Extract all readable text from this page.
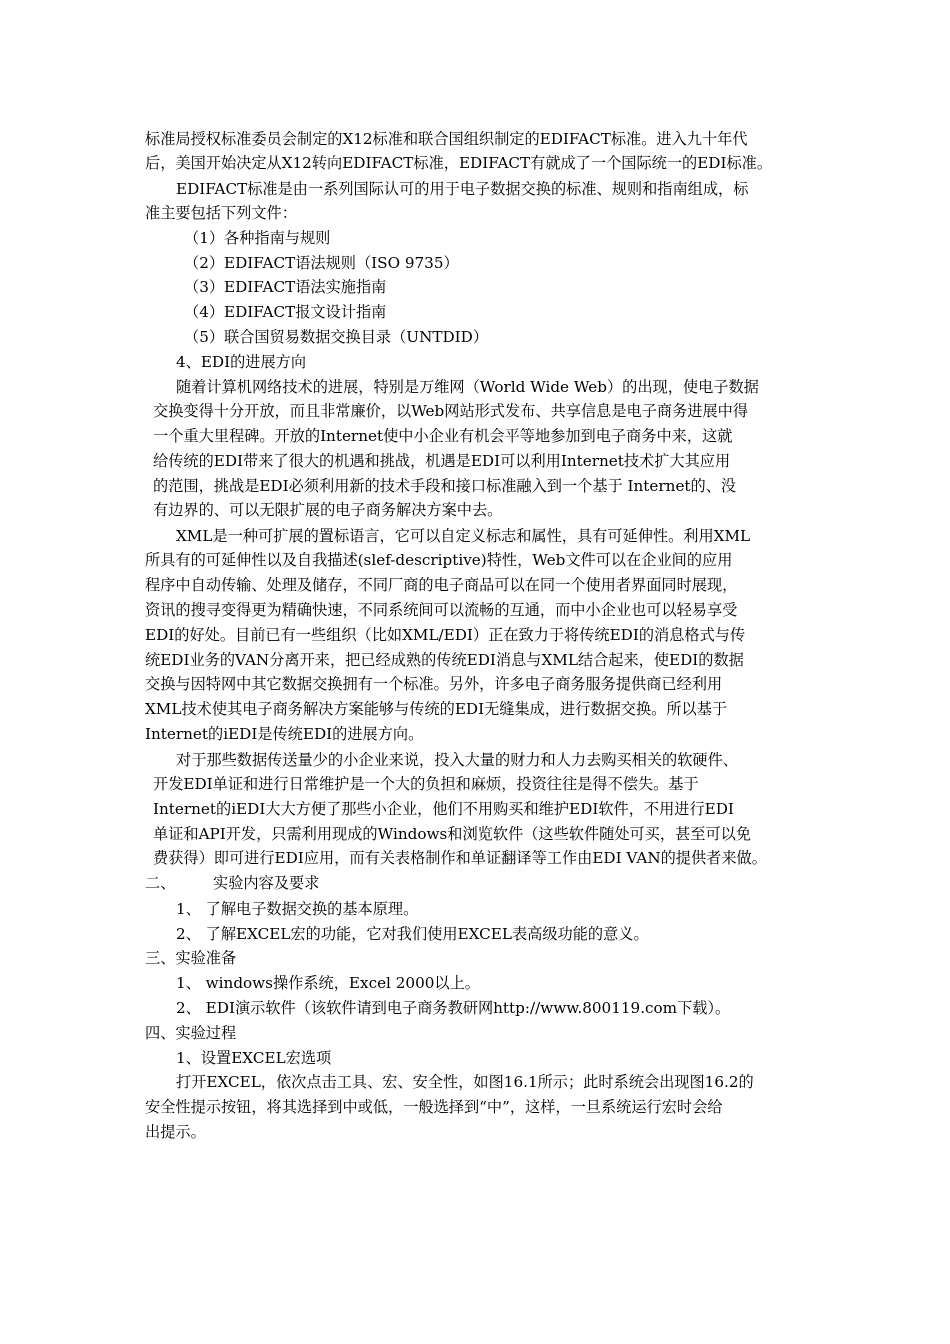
标准局授权标准委员会制定的X12标准和联合国组织制定的EDIFACT标准。进入九十年代
后，美国开始决定从X12转向EDIFACT标准，EDIFACT有就成了一个国际统一的EDI标准。
EDIFACT标准是由一系列国际认可的用于电子数据交换的标准、规则和指南组成，标
准主要包括下列文件：
（1）各种指南与规则
（2）EDIFACT语法规则（ISO 9735）
（3）EDIFACT语法实施指南
（4）EDIFACT报文设计指南
（5）联合国贸易数据交换目录（UNTDID）
4、EDI的进展方向
随着计算机网络技术的进展，特别是万维网（World Wide Web）的出现，使电子数据
交换变得十分开放，而且非常廉价，以Web网站形式发布、共享信息是电子商务进展中得
一个重大里程碑。开放的Internet使中小企业有机会平等地参加到电子商务中来，这就
给传统的EDI带来了很大的机遇和挑战，机遇是EDI可以利用Internet技术扩大其应用
的范围，挑战是EDI必须利用新的技术手段和接口标准融入到一个基于 Internet的、没
有边界的、可以无限扩展的电子商务解决方案中去。
XML是一种可扩展的置标语言，它可以自定义标志和属性，具有可延伸性。利用XML
所具有的可延伸性以及自我描述(slef-descriptive)特性，Web文件可以在企业间的应用
程序中自动传输、处理及储存，不同厂商的电子商品可以在同一个使用者界面同时展现，
资讯的搜寻变得更为精确快速，不同系统间可以流畅的互通，而中小企业也可以轻易享受
EDI的好处。目前已有一些组织（比如XML/EDI）正在致力于将传统EDI的消息格式与传
统EDI业务的VAN分离开来，把已经成熟的传统EDI消息与XML结合起来，使EDI的数据
交换与因特网中其它数据交换拥有一个标准。另外，许多电子商务服务提供商已经利用
XML技术使其电子商务解决方案能够与传统的EDI无缝集成，进行数据交换。所以基于
Internet的iEDI是传统EDI的进展方向。
对于那些数据传送量少的小企业来说，投入大量的财力和人力去购买相关的软硬件、
开发EDI单证和进行日常维护是一个大的负担和麻烦，投资往往是得不偿失。基于
Internet的iEDI大大方便了那些小企业，他们不用购买和维护EDI软件，不用进行EDI
单证和API开发，只需利用现成的Windows和浏览软件（这些软件随处可买，甚至可以免
费获得）即可进行EDI应用，而有关表格制作和单证翻译等工作由EDI VAN的提供者来做。
二、 实验内容及要求
1、 了解电子数据交换的基本原理。
2、 了解EXCEL宏的功能，它对我们使用EXCEL表高级功能的意义。
三、实验准备
1、 windows操作系统，Excel 2000以上。
2、 EDI演示软件（该软件请到电子商务教研网http://www.800119.com下载）。
四、实验过程
1、设置EXCEL宏选项
打开EXCEL，依次点击工具、宏、安全性，如图16.1所示；此时系统会出现图16.2的
安全性提示按钮，将其选择到中或低，一般选择到“中”，这样，一旦系统运行宏时会给
出提示。
